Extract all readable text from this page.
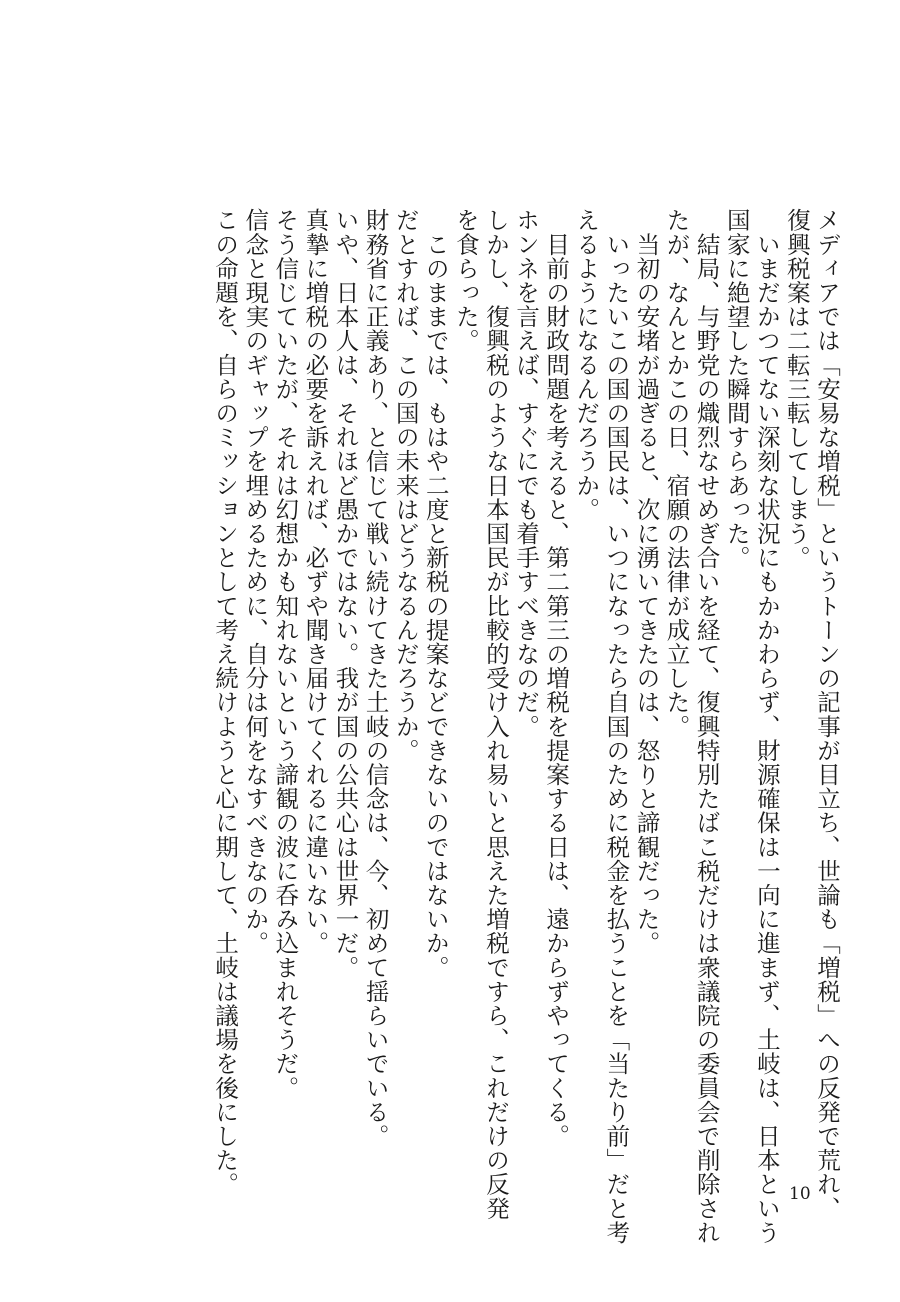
メディアでは「安易な増税」というトーンの記事が目立ち、世論も「増税」への反発で荒れ、
復興税案は二転三転してしまう。
　いまだかつてない深刻な状況にもかかわらず、財源確保は一向に進まず、土岐は、日本という
国家に絶望した瞬間すらあった。
　結局、与野党の熾烈なせめぎ合いを経て、復興特別たばこ税だけは衆議院の委員会で削除され
たが、なんとかこの日、宿願の法律が成立した。
　当初の安堵が過ぎると、次に湧いてきたのは、怒りと諦観だった。
　いったいこの国の国民は、いつになったら自国のために税金を払うことを「当たり前」だと考
えるようになるんだろうか。
　目前の財政問題を考えると、第二第三の増税を提案する日は、遠からずやってくる。
ホンネを言えば、すぐにでも着手すべきなのだ。
しかし、復興税のような日本国民が比較的受け入れ易いと思えた増税ですら、これだけの反発
を食らった。
　このままでは、もはや二度と新税の提案などできないのではないか。
だとすれば、この国の未来はどうなるんだろうか。
財務省に正義あり、と信じて戦い続けてきた土岐の信念は、今、初めて揺らいでいる。
いや、日本人は、それほど愚かではない。我が国の公共心は世界一だ。
真摯に増税の必要を訴えれば、必ずや聞き届けてくれるに違いない。
そう信じていたが、それは幻想かも知れないという諦観の波に呑み込まれそうだ。
信念と現実のギャップを埋めるために、自分は何をなすべきなのか。
この命題を、自らのミッションとして考え続けようと心に期して、土岐は議場を後にした。	10
